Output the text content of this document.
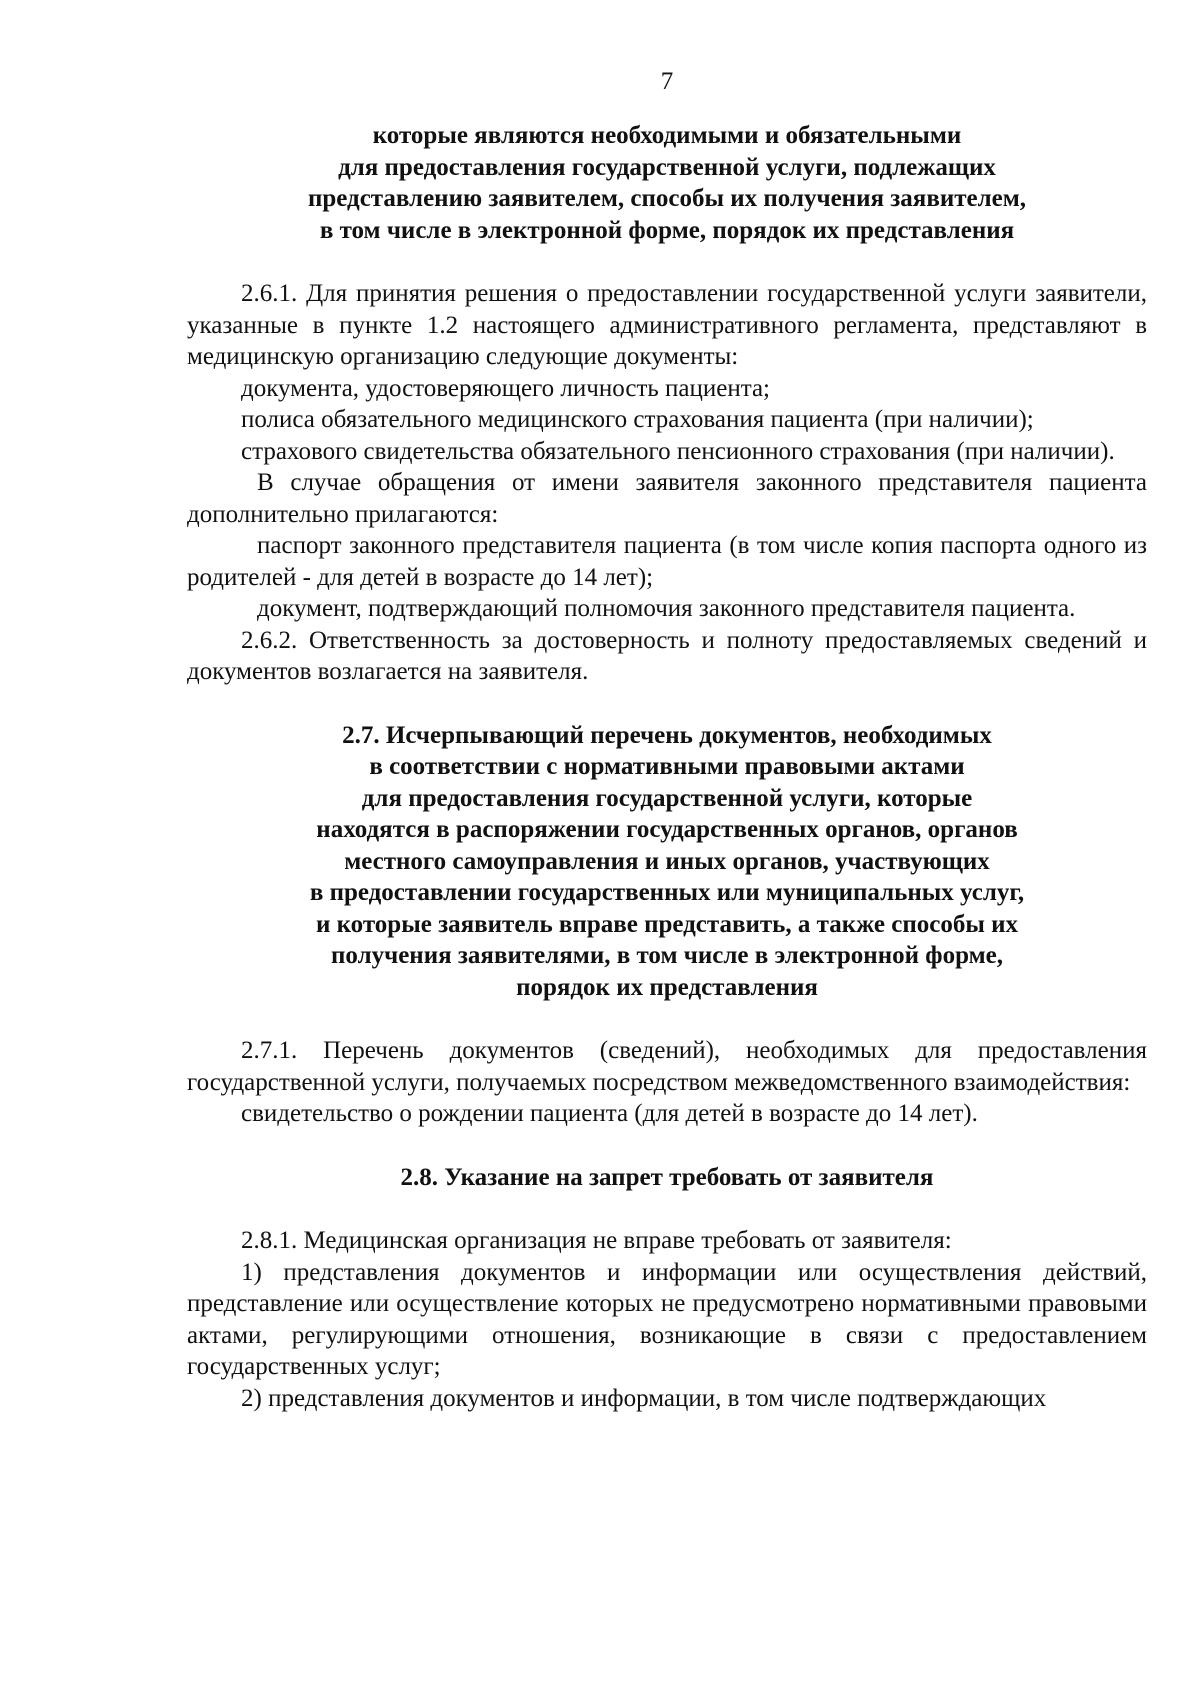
7
которые являются необходимыми и обязательными
для предоставления государственной услуги, подлежащих
представлению заявителем, способы их получения заявителем,
в том числе в электронной форме, порядок их представления

2.6.1. Для принятия решения о предоставлении государственной услуги заявители, указанные в пункте 1.2 настоящего административного регламента, представляют в медицинскую организацию следующие документы:

документа, удостоверяющего личность пациента;

полиса обязательного медицинского страхования пациента (при наличии);

страхового свидетельства обязательного пенсионного страхования (при наличии).

В случае обращения от имени заявителя законного представителя пациента дополнительно прилагаются:

паспорт законного представителя пациента (в том числе копия паспорта одного из родителей - для детей в возрасте до 14 лет);

документ, подтверждающий полномочия законного представителя пациента.

2.6.2. Ответственность за достоверность и полноту предоставляемых сведений и документов возлагается на заявителя.

2.7. Исчерпывающий перечень документов, необходимых
в соответствии с нормативными правовыми актами
для предоставления государственной услуги, которые
находятся в распоряжении государственных органов, органов
местного самоуправления и иных органов, участвующих
в предоставлении государственных или муниципальных услуг,
и которые заявитель вправе представить, а также способы их
получения заявителями, в том числе в электронной форме,
порядок их представления

2.7.1. Перечень документов (сведений), необходимых для предоставления государственной услуги, получаемых посредством межведомственного взаимодействия:

свидетельство о рождении пациента (для детей в возрасте до 14 лет).

2.8. Указание на запрет требовать от заявителя

2.8.1. Медицинская организация не вправе требовать от заявителя:

1) представления документов и информации или осуществления действий, представление или осуществление которых не предусмотрено нормативными правовыми актами, регулирующими отношения, возникающие в связи с предоставлением государственных услуг;

2) представления документов и информации, в том числе подтверждающих
